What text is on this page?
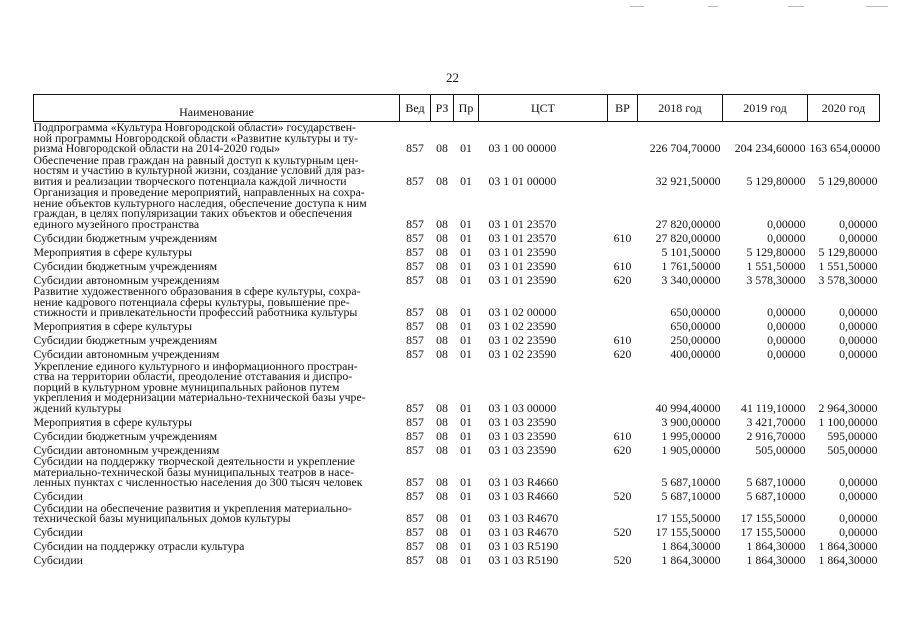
22
Наименование	Вед	РЗ	Пр	ЦСТ	ВР	2018 год	2019 год	2020 год

Подпрограмма «Культура Новгородской области» государствен-
ной программы Новгородской области «Развитие культуры и ту-
ризма Новгородской области на 2014-2020 годы»	857	08	01	03 1 00 00000		226 704,70000	204 234,60000	163 654,00000

Обеспечение прав граждан на равный доступ к культурным цен-
ностям и участию в культурной жизни, создание условий для раз-
вития и реализации творческого потенциала каждой личности	857	08	01	03 1 01 00000		32 921,50000	5 129,80000	5 129,80000

Организация и проведение мероприятий, направленных на сохра-
нение объектов культурного наследия, обеспечение доступа к ним
граждан, в целях популяризации таких объектов и обеспечения
единого музейного пространства	857	08	01	03 1 01 23570		27 820,00000	0,00000	0,00000

Субсидии бюджетным учреждениям	857	08	01	03 1 01 23570	610	27 820,00000	0,00000	0,00000

Мероприятия в сфере культуры	857	08	01	03 1 01 23590		5 101,50000	5 129,80000	5 129,80000

Субсидии бюджетным учреждениям	857	08	01	03 1 01 23590	610	1 761,50000	1 551,50000	1 551,50000

Субсидии автономным учреждениям	857	08	01	03 1 01 23590	620	3 340,00000	3 578,30000	3 578,30000

Развитие художественного образования в сфере культуры, сохра-
нение кадрового потенциала сферы культуры, повышение пре-
стижности и привлекательности профессий работника культуры	857	08	01	03 1 02 00000		650,00000	0,00000	0,00000

Мероприятия в сфере культуры	857	08	01	03 1 02 23590		650,00000	0,00000	0,00000

Субсидии бюджетным учреждениям	857	08	01	03 1 02 23590	610	250,00000	0,00000	0,00000

Субсидии автономным учреждениям	857	08	01	03 1 02 23590	620	400,00000	0,00000	0,00000

Укрепление единого культурного и информационного простран-
ства на территории области, преодоление отставания и диспро-
порций в культурном уровне муниципальных районов путем
укрепления и модернизации материально-технической базы учре-
ждений культуры	857	08	01	03 1 03 00000		40 994,40000	41 119,10000	2 964,30000

Мероприятия в сфере культуры	857	08	01	03 1 03 23590		3 900,00000	3 421,70000	1 100,00000

Субсидии бюджетным учреждениям	857	08	01	03 1 03 23590	610	1 995,00000	2 916,70000	595,00000

Субсидии автономным учреждениям	857	08	01	03 1 03 23590	620	1 905,00000	505,00000	505,00000

Субсидии на поддержку творческой деятельности и укрепление
материально-технической базы муниципальных театров в насе-
ленных пунктах с численностью населения до 300 тысяч человек	857	08	01	03 1 03 R4660		5 687,10000	5 687,10000	0,00000

Субсидии	857	08	01	03 1 03 R4660	520	5 687,10000	5 687,10000	0,00000

Субсидии на обеспечение развития и укрепления материально-
технической базы муниципальных домов культуры	857	08	01	03 1 03 R4670		17 155,50000	17 155,50000	0,00000

Субсидии	857	08	01	03 1 03 R4670	520	17 155,50000	17 155,50000	0,00000

Субсидии на поддержку отрасли культура	857	08	01	03 1 03 R5190		1 864,30000	1 864,30000	1 864,30000

Субсидии	857	08	01	03 1 03 R5190	520	1 864,30000	1 864,30000	1 864,30000
